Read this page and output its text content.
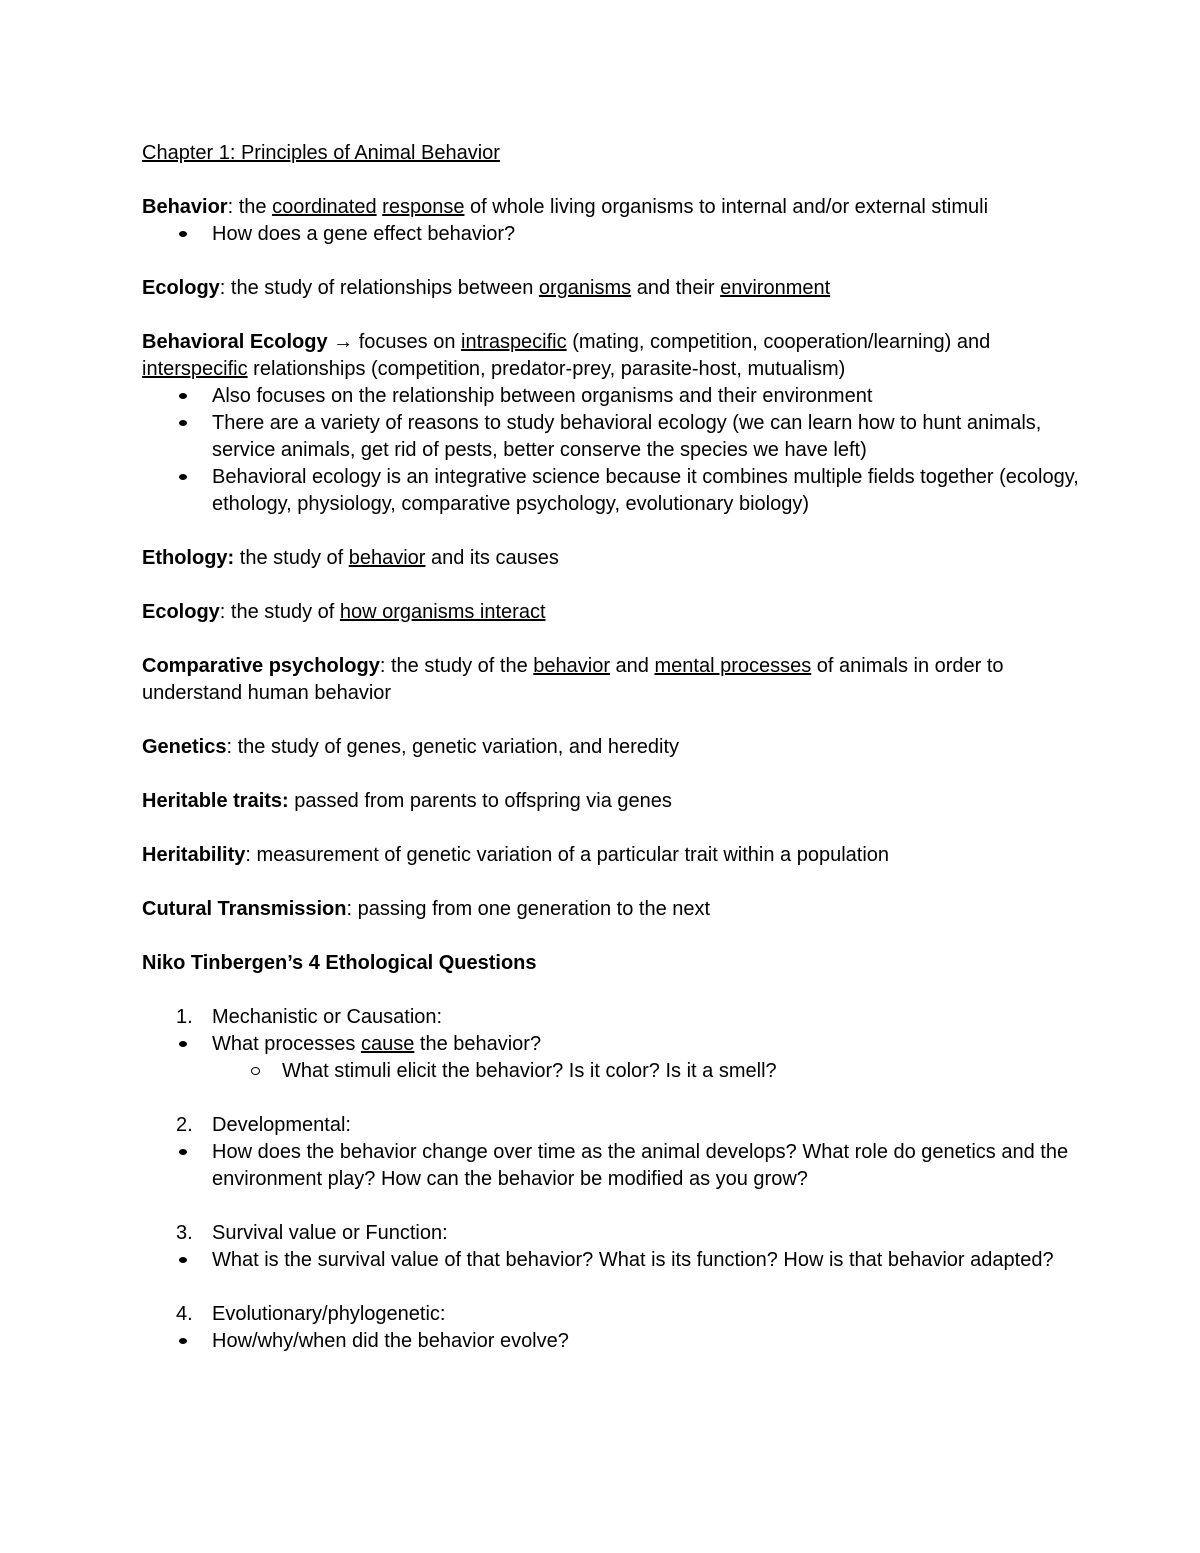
Chapter 1: Principles of Animal Behavior

Behavior: the coordinated response of whole living organisms to internal and/or external stimuli

How does a gene effect behavior?

Ecology: the study of relationships between organisms and their environment

Behavioral Ecology → focuses on intraspecific (mating, competition, cooperation/learning) and interspecific relationships (competition, predator-prey, parasite-host, mutualism)

Also focuses on the relationship between organisms and their environment

There are a variety of reasons to study behavioral ecology (we can learn how to hunt animals, service animals, get rid of pests, better conserve the species we have left)

Behavioral ecology is an integrative science because it combines multiple fields together (ecology, ethology, physiology, comparative psychology, evolutionary biology)

Ethology: the study of behavior and its causes

Ecology: the study of how organisms interact

Comparative psychology: the study of the behavior and mental processes of animals in order to understand human behavior

Genetics: the study of genes, genetic variation, and heredity

Heritable traits: passed from parents to offspring via genes

Heritability: measurement of genetic variation of a particular trait within a population

Cutural Transmission: passing from one generation to the next

Niko Tinbergen’s 4 Ethological Questions

1. Mechanistic or Causation:

What processes cause the behavior?

What stimuli elicit the behavior? Is it color? Is it a smell?

2. Developmental:

How does the behavior change over time as the animal develops? What role do genetics and the environment play? How can the behavior be modified as you grow?

3. Survival value or Function:

What is the survival value of that behavior? What is its function? How is that behavior adapted?

4. Evolutionary/phylogenetic:

How/why/when did the behavior evolve?
